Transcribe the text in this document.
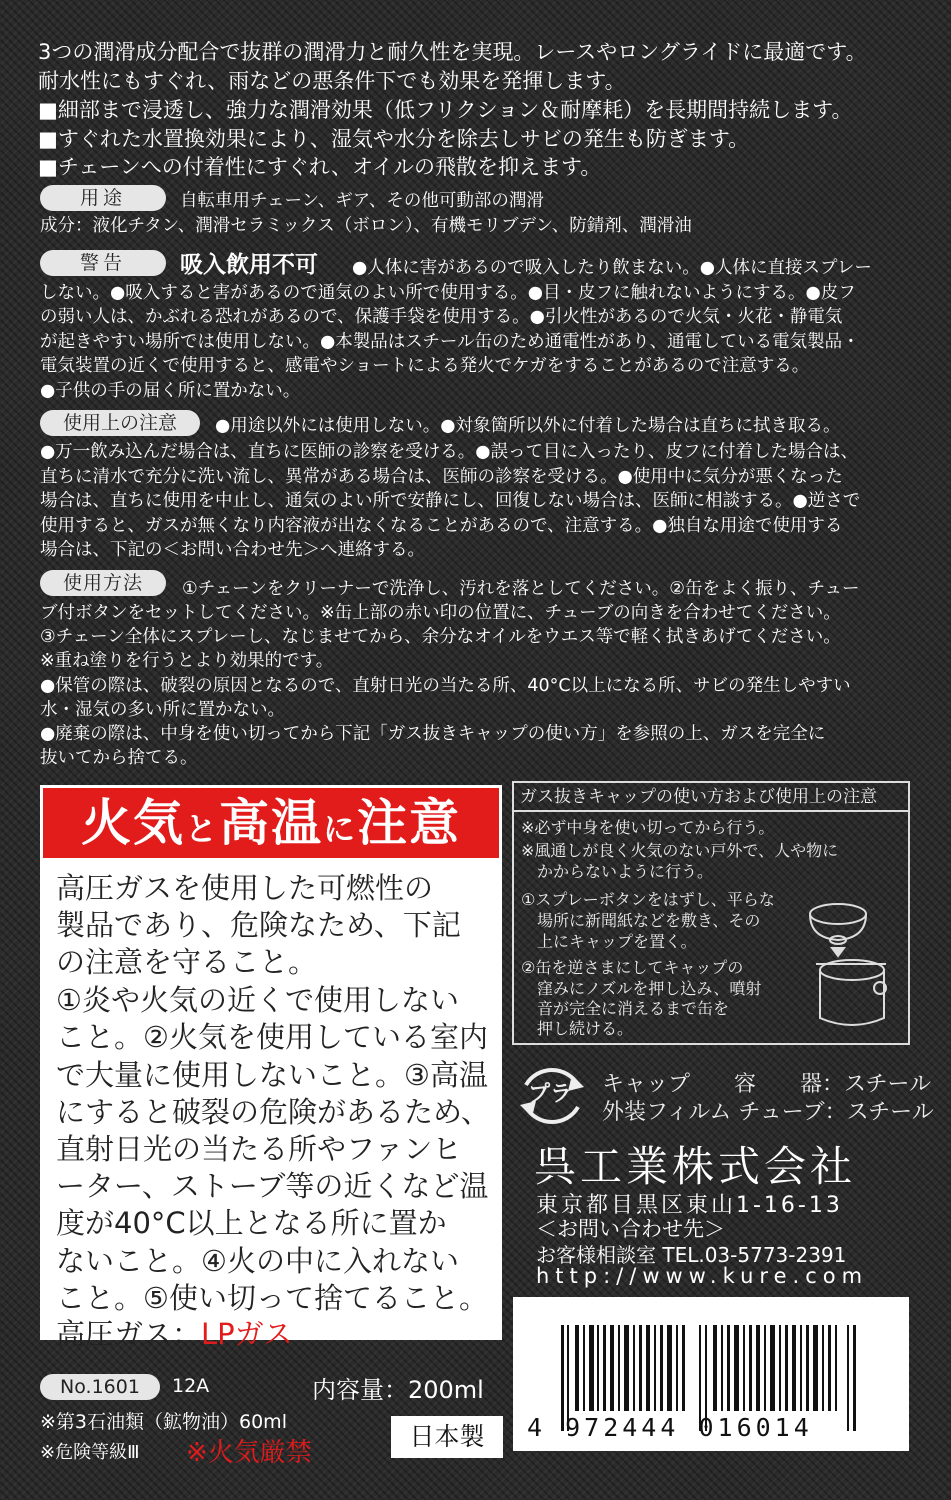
3つの潤滑成分配合で抜群の潤滑力と耐久性を実現。レースやロングライドに最適です。
耐水性にもすぐれ、雨などの悪条件下でも効果を発揮します。
■細部まで浸透し、強力な潤滑効果（低フリクション＆耐摩耗）を長期間持続します。
■すぐれた水置換効果により、湿気や水分を除去しサビの発生も防ぎます。
■チェーンへの付着性にすぐれ、オイルの飛散を抑えます。
用途	自転車用チェーン、ギア、その他可動部の潤滑
成分：液化チタン、潤滑セラミックス（ボロン）、有機モリブデン、防錆剤、潤滑油
警告	吸入飲用不可 ●人体に害があるので吸入したり飲まない。●人体に直接スプレー
しない。●吸入すると害があるので通気のよい所で使用する。●目・皮フに触れないようにする。●皮フ
の弱い人は、かぶれる恐れがあるので、保護手袋を使用する。●引火性があるので火気・火花・静電気
が起きやすい場所では使用しない。●本製品はスチール缶のため通電性があり、通電している電気製品・
電気装置の近くで使用すると、感電やショートによる発火でケガをすることがあるので注意する。
●子供の手の届く所に置かない。
使用上の注意	●用途以外には使用しない。●対象箇所以外に付着した場合は直ちに拭き取る。
●万一飲み込んだ場合は、直ちに医師の診察を受ける。●誤って目に入ったり、皮フに付着した場合は、
直ちに清水で充分に洗い流し、異常がある場合は、医師の診察を受ける。●使用中に気分が悪くなった
場合は、直ちに使用を中止し、通気のよい所で安静にし、回復しない場合は、医師に相談する。●逆さで
使用すると、ガスが無くなり内容液が出なくなることがあるので、注意する。●独自な用途で使用する
場合は、下記の＜お問い合わせ先＞へ連絡する。
使用方法	①チェーンをクリーナーで洗浄し、汚れを落としてください。②缶をよく振り、チュー
ブ付ボタンをセットしてください。※缶上部の赤い印の位置に、チューブの向きを合わせてください。
③チェーン全体にスプレーし、なじませてから、余分なオイルをウエス等で軽く拭きあげてください。
※重ね塗りを行うとより効果的です。
●保管の際は、破裂の原因となるので、直射日光の当たる所、40°C以上になる所、サビの発生しやすい
水・湿気の多い所に置かない。
●廃棄の際は、中身を使い切ってから下記「ガス抜きキャップの使い方」を参照の上、ガスを完全に
抜いてから捨てる。
火気と高温に注意
高圧ガスを使用した可燃性の
製品であり、危険なため、下記
の注意を守ること。
①炎や火気の近くで使用しない
こと。②火気を使用している室内
で大量に使用しないこと。③高温
にすると破裂の危険があるため、
直射日光の当たる所やファンヒ
ーター、ストーブ等の近くなど温
度が40°C以上となる所に置か
ないこと。④火の中に入れない
こと。⑤使い切って捨てること。
高圧ガス：LPガス
ガス抜きキャップの使い方および使用上の注意
※必ず中身を使い切ってから行う。
※風通しが良く火気のない戸外で、人や物に
　かからないように行う。
①スプレーボタンをはずし、平らな
　場所に新聞紙などを敷き、その
　上にキャップを置く。
②缶を逆さまにしてキャップの
　窪みにノズルを押し込み、噴射
　音が完全に消えるまで缶を
　押し続ける。
プラ キャップ　　容　　器：スチール
外装フィルム チューブ：スチール
呉工業株式会社
東京都目黒区東山1-16-13
＜お問い合わせ先＞
お客様相談室 TEL.03-5773-2391
http://www.kure.com
4 972444 016014
No.1601	12A	内容量：200ml
※第3石油類（鉱物油）60ml
※危険等級Ⅲ ※火気厳禁
日本製
